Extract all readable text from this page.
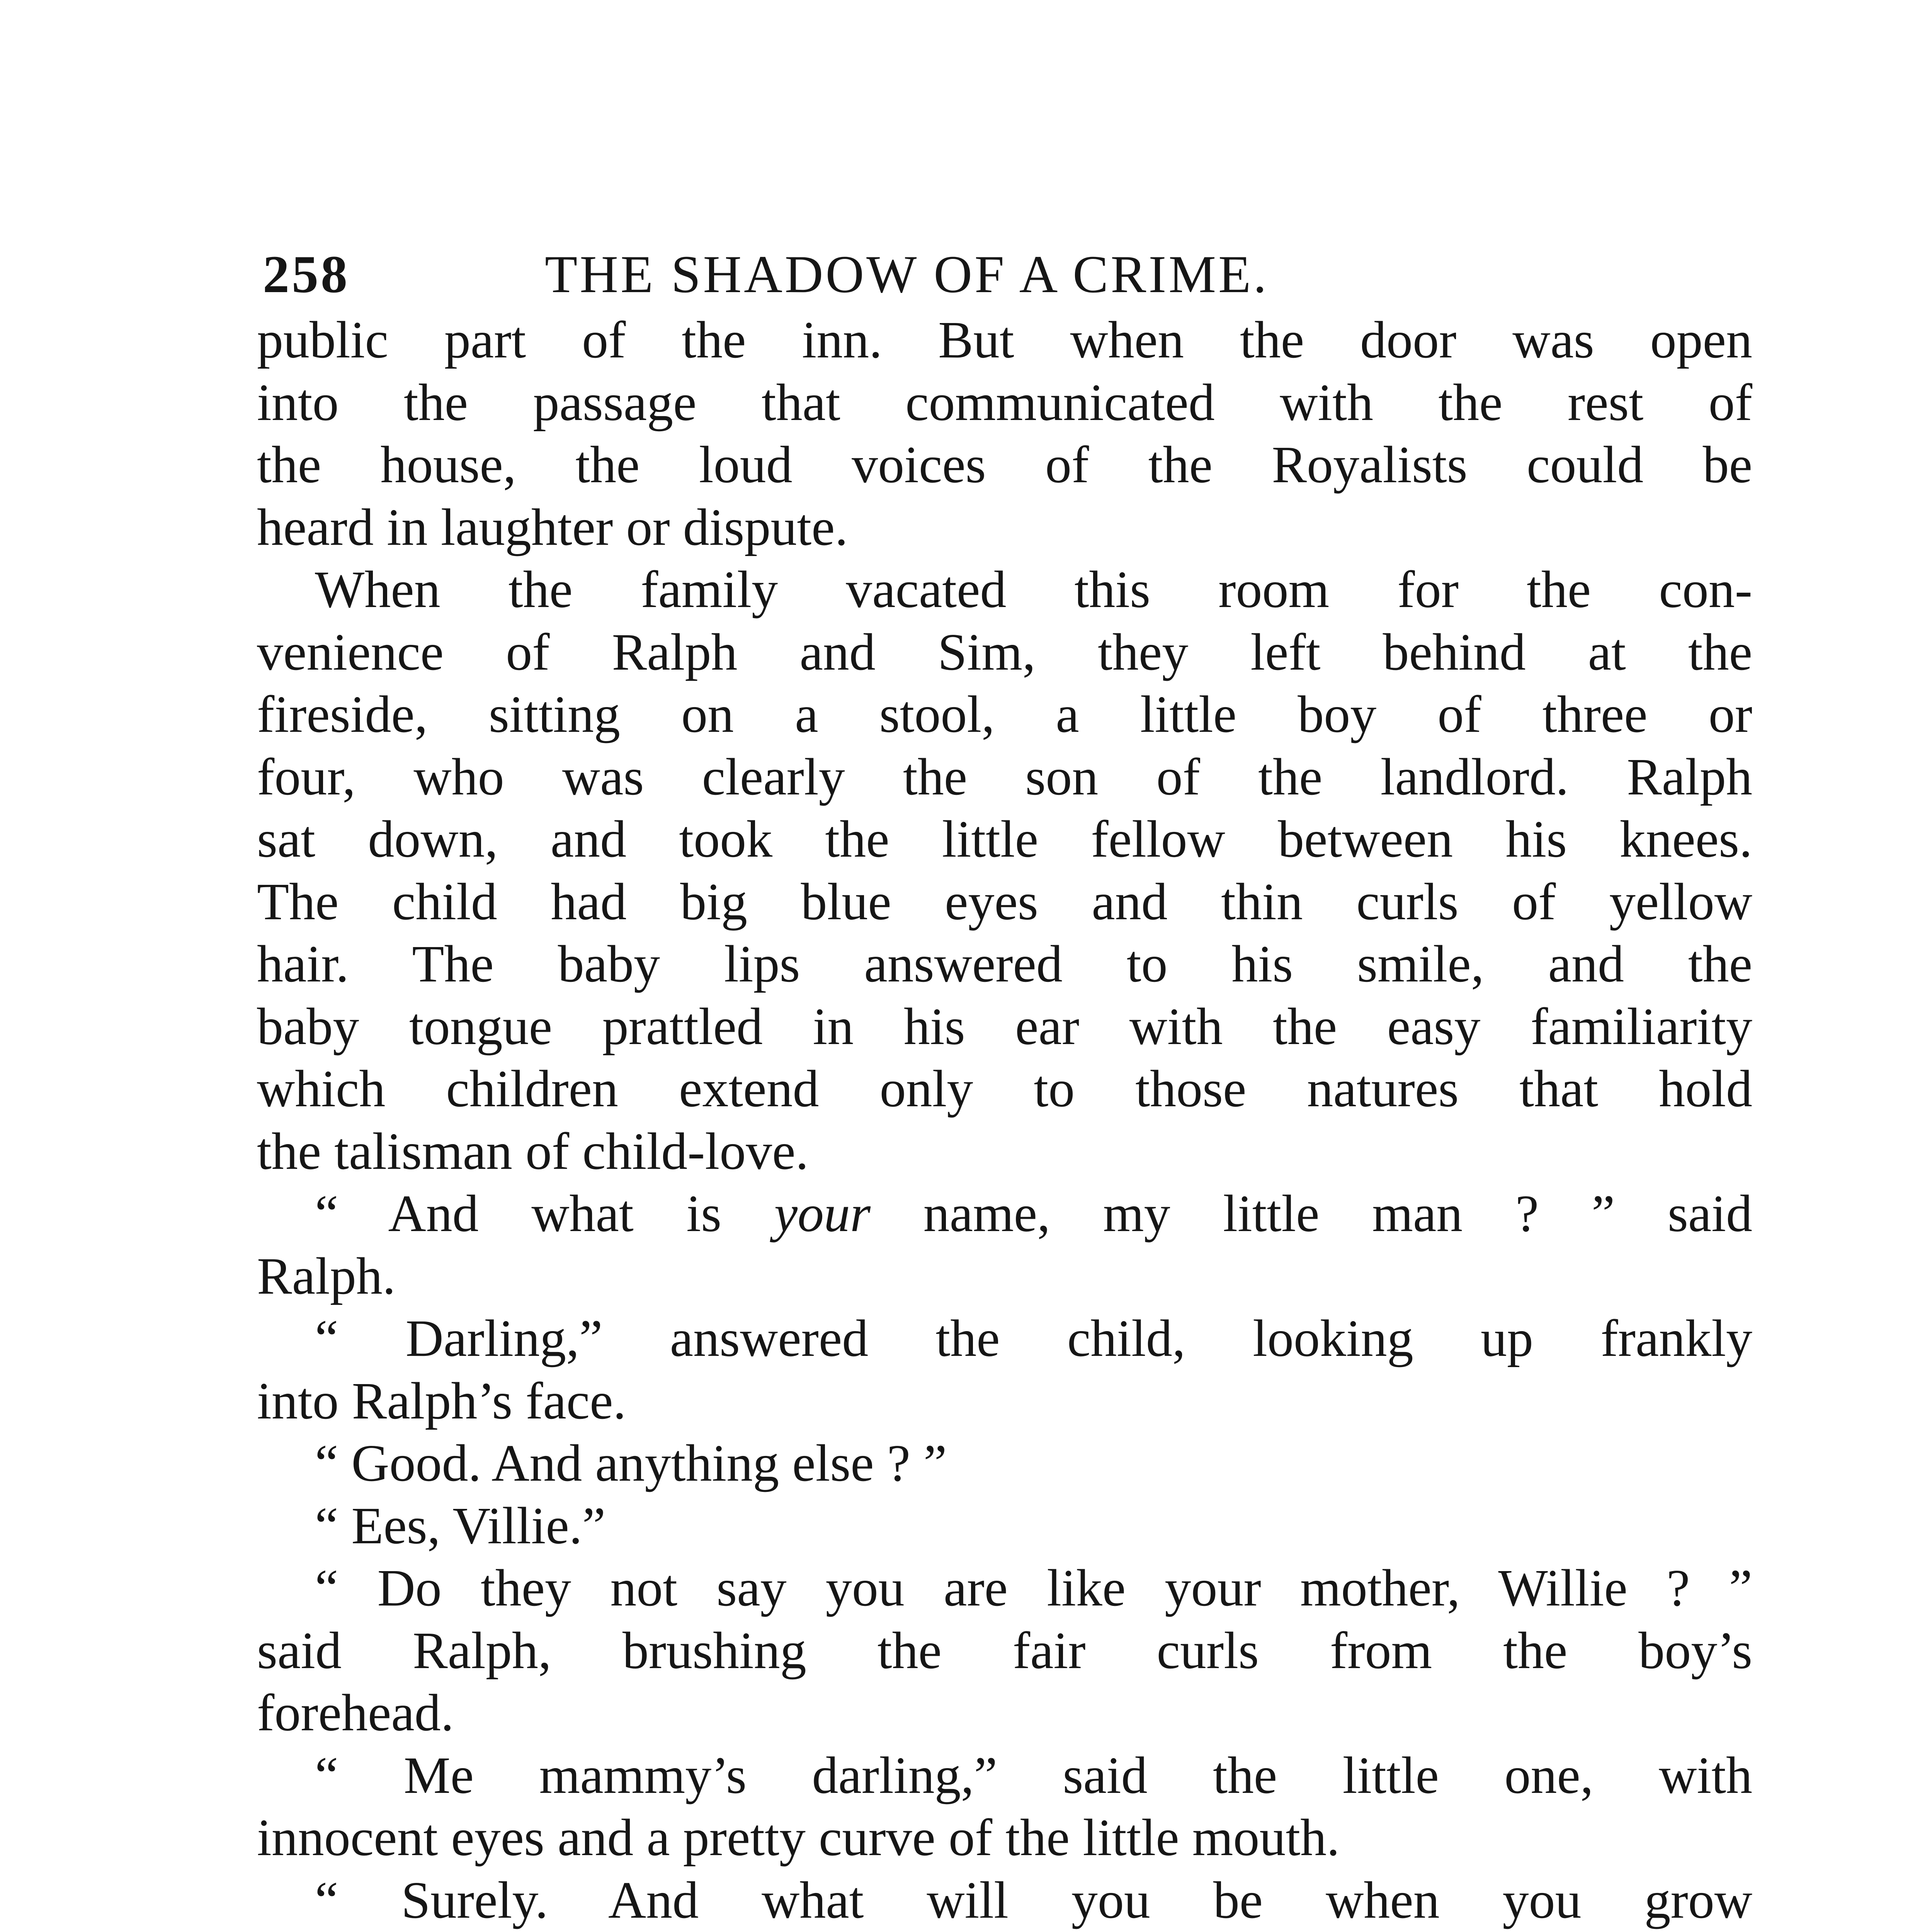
258	THE SHADOW OF A CRIME.
public part of the inn. But when the door was open
into the passage that communicated with the rest of
the house, the loud voices of the Royalists could be
heard in laughter or dispute.
When the family vacated this room for the con-
venience of Ralph and Sim, they left behind at the
fireside, sitting on a stool, a little boy of three or
four, who was clearly the son of the landlord. Ralph
sat down, and took the little fellow between his knees.
The child had big blue eyes and thin curls of yellow
hair. The baby lips answered to his smile, and the
baby tongue prattled in his ear with the easy familiarity
which children extend only to those natures that hold
the talisman of child-love.
“ And what is your name, my little man ? ” said
Ralph.
“ Darling,” answered the child, looking up frankly
into Ralph’s face.
“ Good. And anything else ? ”
“ Ees, Villie.”
“ Do they not say you are like your mother, Willie ? ”
said Ralph, brushing the fair curls from the boy’s
forehead.
“ Me mammy’s darling,” said the little one, with
innocent eyes and a pretty curve of the little mouth.
“ Surely. And what will you be when you grow
